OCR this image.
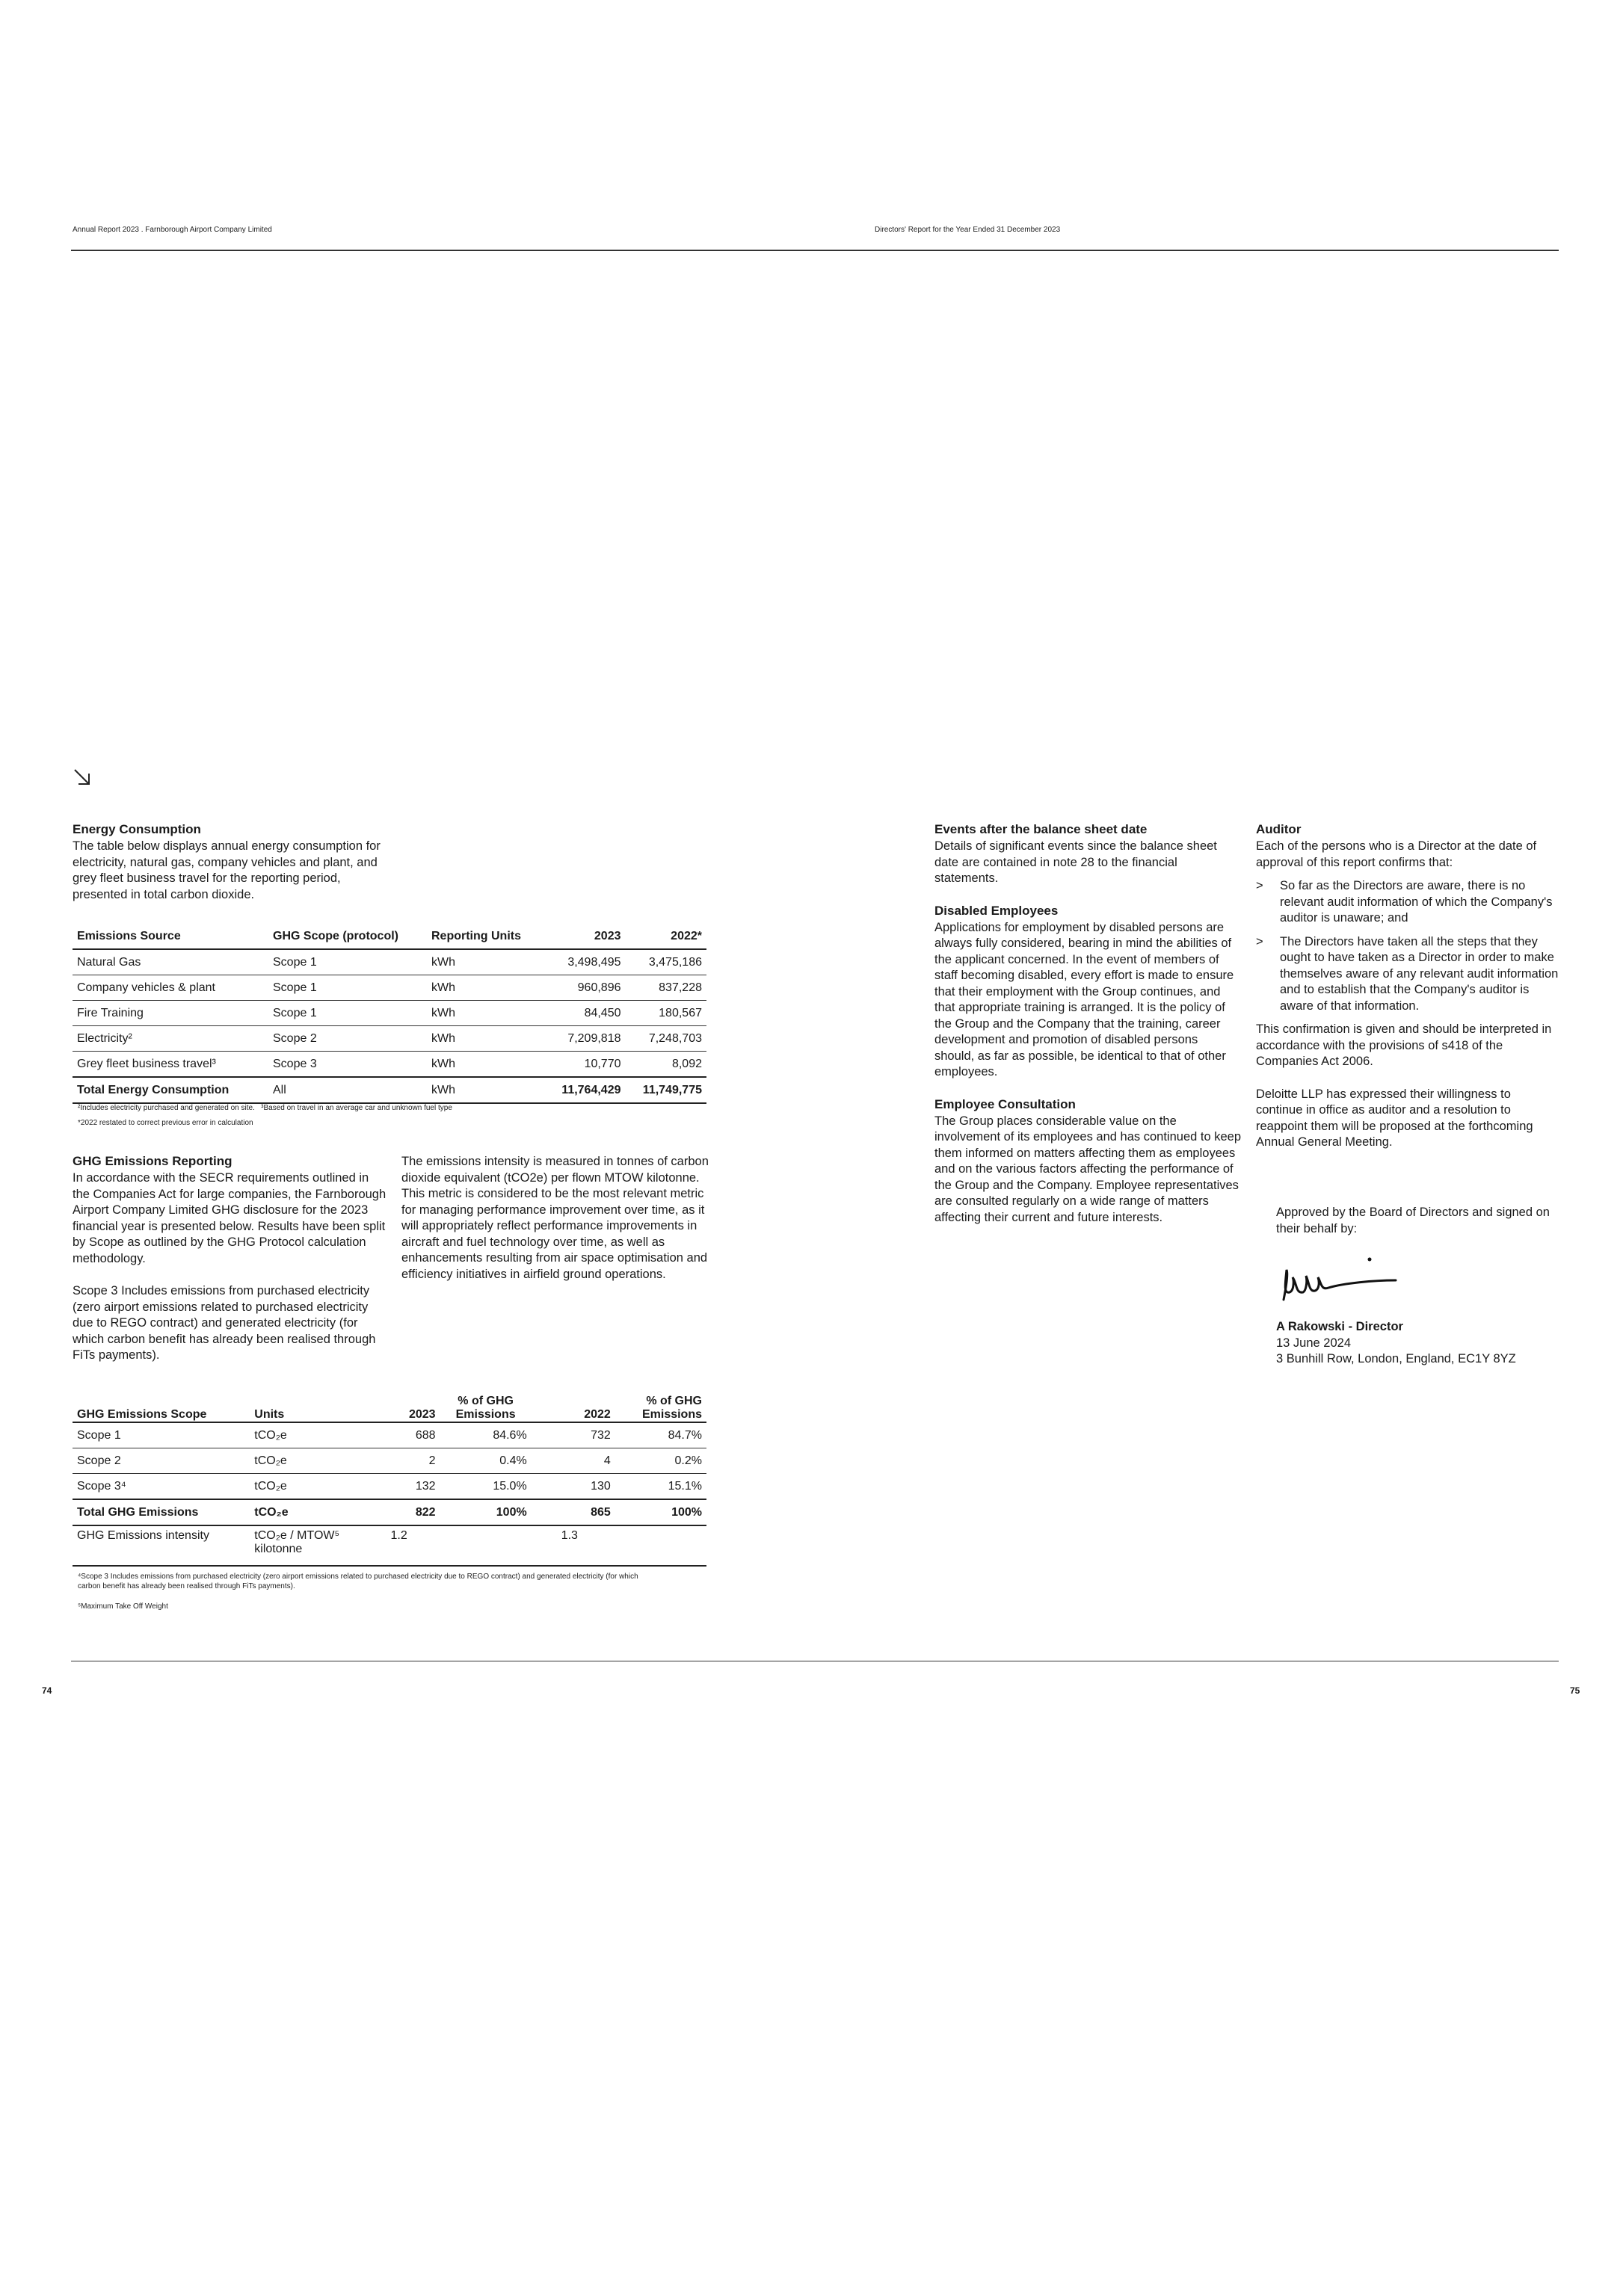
Annual Report 2023 . Farnborough Airport Company Limited	Directors' Report for the Year Ended 31 December 2023
Energy Consumption

The table below displays annual energy consumption for electricity, natural gas, company vehicles and plant, and grey fleet business travel for the reporting period, presented in total carbon dioxide.

Emissions Source	GHG Scope (protocol)	Reporting Units	2023	2022*
Natural Gas	Scope 1	kWh	3,498,495	3,475,186
Company vehicles & plant	Scope 1	kWh	960,896	837,228
Fire Training	Scope 1	kWh	84,450	180,567
Electricity²	Scope 2	kWh	7,209,818	7,248,703
Grey fleet business travel³	Scope 3	kWh	10,770	8,092
Total Energy Consumption	All	kWh	11,764,429	11,749,775
²Includes electricity purchased and generated on site. ³Based on travel in an average car and unknown fuel type
*2022 restated to correct previous error in calculation
GHG Emissions Reporting

In accordance with the SECR requirements outlined in the Companies Act for large companies, the Farnborough Airport Company Limited GHG disclosure for the 2023 financial year is presented below. Results have been split by Scope as outlined by the GHG Protocol calculation methodology.

Scope 3 Includes emissions from purchased electricity (zero airport emissions related to purchased electricity due to REGO contract) and generated electricity (for which carbon benefit has already been realised through FiTs payments).

The emissions intensity is measured in tonnes of carbon dioxide equivalent (tCO2e) per flown MTOW kilotonne. This metric is considered to be the most relevant metric for managing performance improvement over time, as it will appropriately reflect performance improvements in aircraft and fuel technology over time, as well as enhancements resulting from air space optimisation and efficiency initiatives in airfield ground operations.

GHG Emissions Scope	Units	2023	% of GHG Emissions	2022	% of GHG Emissions
Scope 1	tCO₂e	688	84.6%	732	84.7%
Scope 2	tCO₂e	2	0.4%	4	0.2%
Scope 3⁴	tCO₂e	132	15.0%	130	15.1%
Total GHG Emissions	tCO₂e	822	100%	865	100%
GHG Emissions intensity	tCO₂e / MTOW⁵ kilotonne	1.2		1.3	
⁴Scope 3 Includes emissions from purchased electricity (zero airport emissions related to purchased electricity due to REGO contract) and generated electricity (for which carbon benefit has already been realised through FiTs payments).
⁵Maximum Take Off Weight
Events after the balance sheet date

Details of significant events since the balance sheet date are contained in note 28 to the financial statements.

Disabled Employees

Applications for employment by disabled persons are always fully considered, bearing in mind the abilities of the applicant concerned. In the event of members of staff becoming disabled, every effort is made to ensure that their employment with the Group continues, and that appropriate training is arranged. It is the policy of the Group and the Company that the training, career development and promotion of disabled persons should, as far as possible, be identical to that of other employees.

Employee Consultation

The Group places considerable value on the involvement of its employees and has continued to keep them informed on matters affecting them as employees and on the various factors affecting the performance of the Group and the Company. Employee representatives are consulted regularly on a wide range of matters affecting their current and future interests.

Auditor

Each of the persons who is a Director at the date of approval of this report confirms that:

> So far as the Directors are aware, there is no relevant audit information of which the Company's auditor is unaware; and
> The Directors have taken all the steps that they ought to have taken as a Director in order to make themselves aware of any relevant audit information and to establish that the Company's auditor is aware of that information.

This confirmation is given and should be interpreted in accordance with the provisions of s418 of the Companies Act 2006.

Deloitte LLP has expressed their willingness to continue in office as auditor and a resolution to reappoint them will be proposed at the forthcoming Annual General Meeting.

Approved by the Board of Directors and signed on their behalf by:

A Rakowski - Director
13 June 2024
3 Bunhill Row, London, England, EC1Y 8YZ
74	75
